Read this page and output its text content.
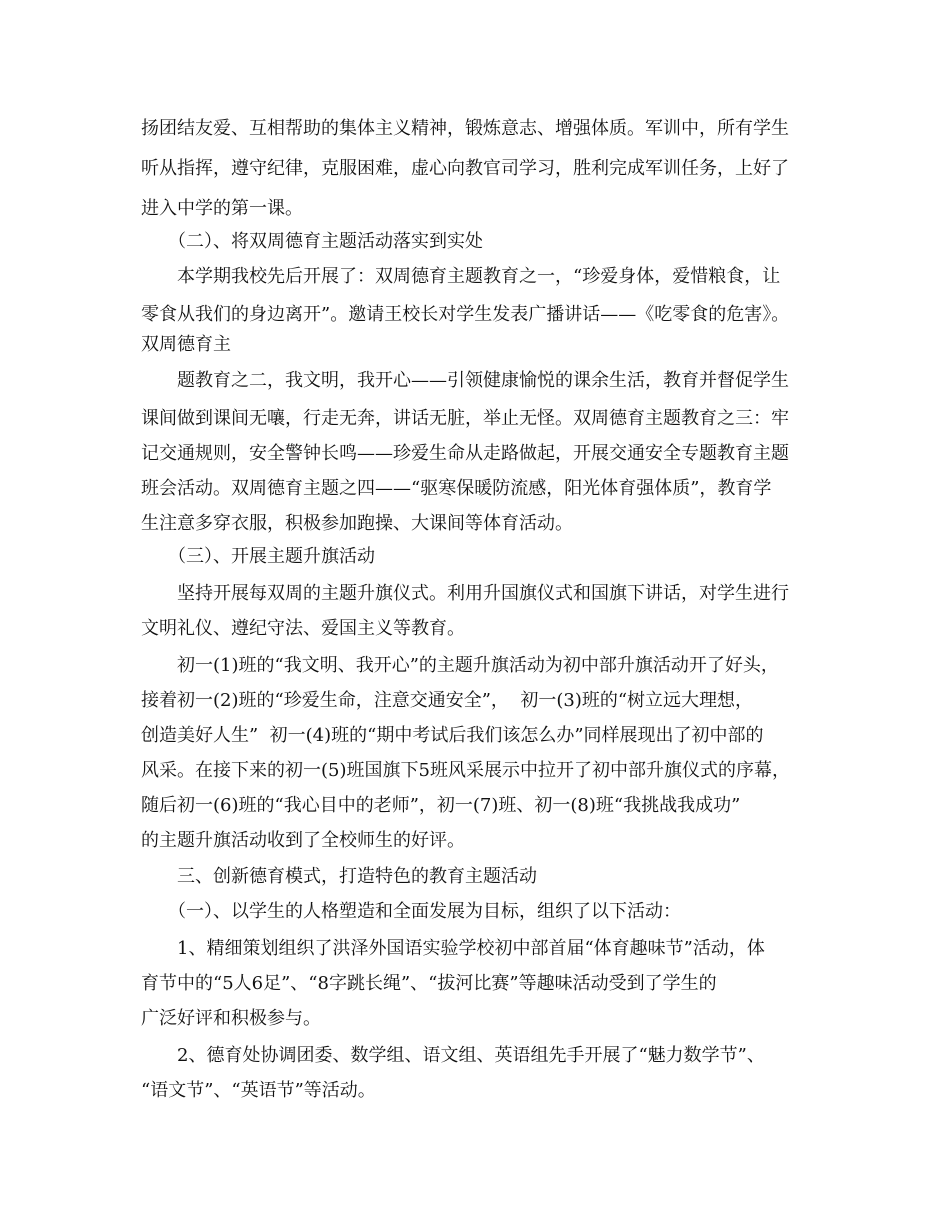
扬团结友爱、互相帮助的集体主义精神，锻炼意志、增强体质。军训中，所有学生
听从指挥，遵守纪律，克服困难，虚心向教官司学习，胜利完成军训任务，上好了
进入中学的第一课。
（二）、将双周德育主题活动落实到实处
本学期我校先后开展了：双周德育主题教育之一，“珍爱身体，爱惜粮食，让
零食从我们的身边离开”。邀请王校长对学生发表广播讲话——《吃零食的危害》。
双周德育主
题教育之二，我文明，我开心——引领健康愉悦的课余生活，教育并督促学生
课间做到课间无嚷，行走无奔，讲话无脏，举止无怪。双周德育主题教育之三：牢
记交通规则，安全警钟长鸣——珍爱生命从走路做起，开展交通安全专题教育主题
班会活动。双周德育主题之四——“驱寒保暖防流感，阳光体育强体质”，教育学
生注意多穿衣服，积极参加跑操、大课间等体育活动。
（三）、开展主题升旗活动
坚持开展每双周的主题升旗仪式。利用升国旗仪式和国旗下讲话，对学生进行
文明礼仪、遵纪守法、爱国主义等教育。
初一(1)班的“我文明、我开心”的主题升旗活动为初中部升旗活动开了好头，
接着初一(2)班的“珍爱生命，注意交通安全”，  初一(3)班的“树立远大理想，
创造美好人生”  初一(4)班的“期中考试后我们该怎么办”同样展现出了初中部的
风采。在接下来的初一(5)班国旗下5班风采展示中拉开了初中部升旗仪式的序幕，
随后初一(6)班的“我心目中的老师”，初一(7)班、初一(8)班“我挑战我成功”
的主题升旗活动收到了全校师生的好评。
三、创新德育模式，打造特色的教育主题活动
（一）、以学生的人格塑造和全面发展为目标，组织了以下活动：
1、精细策划组织了洪泽外国语实验学校初中部首届“体育趣味节”活动，体
育节中的“5人6足”、“8字跳长绳”、“拔河比赛”等趣味活动受到了学生的
广泛好评和积极参与。
2、德育处协调团委、数学组、语文组、英语组先手开展了“魅力数学节”、
“语文节”、“英语节”等活动。
